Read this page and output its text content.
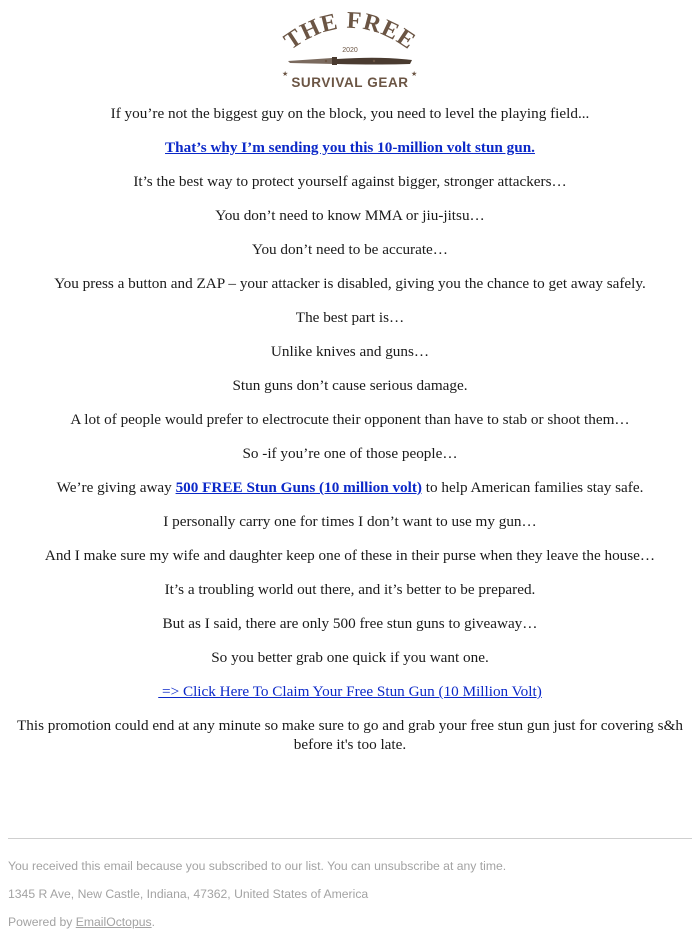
THE FREE
2020
★	★
SURVIVAL GEAR

If you’re not the biggest guy on the block, you need to level the playing field...

That’s why I’m sending you this 10-million volt stun gun.

It’s the best way to protect yourself against bigger, stronger attackers…

You don’t need to know MMA or jiu-jitsu…

You don’t need to be accurate…

You press a button and ZAP – your attacker is disabled, giving you the chance to get away safely.

The best part is…

Unlike knives and guns…

Stun guns don’t cause serious damage.

A lot of people would prefer to electrocute their opponent than have to stab or shoot them…

So -if you’re one of those people…

We’re giving away 500 FREE Stun Guns (10 million volt) to help American families stay safe.

I personally carry one for times I don’t want to use my gun…

And I make sure my wife and daughter keep one of these in their purse when they leave the house…

It’s a troubling world out there, and it’s better to be prepared.

But as I said, there are only 500 free stun guns to giveaway…

So you better grab one quick if you want one.

=> Click Here To Claim Your Free Stun Gun (10 Million Volt)

This promotion could end at any minute so make sure to go and grab your free stun gun just for covering s&h before it's too late.

You received this email because you subscribed to our list. You can unsubscribe at any time.

1345 R Ave, New Castle, Indiana, 47362, United States of America

Powered by EmailOctopus.
